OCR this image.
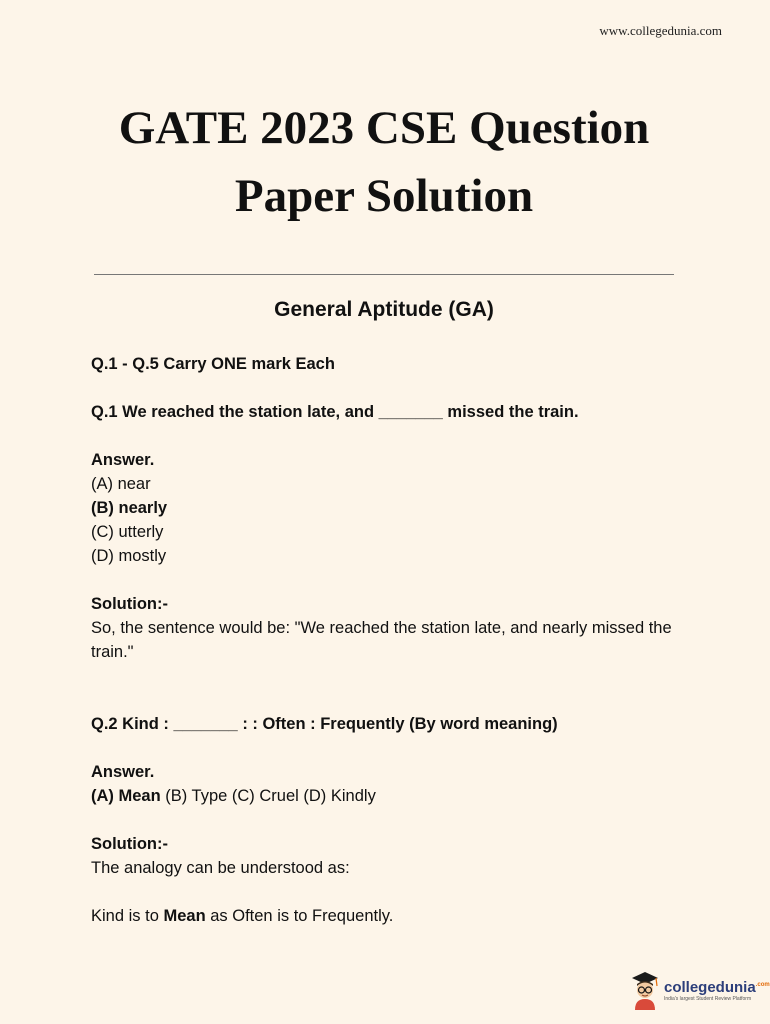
www.collegedunia.com
GATE 2023 CSE Question
Paper Solution
General Aptitude (GA)

Q.1 - Q.5 Carry ONE mark Each

Q.1 We reached the station late, and _______ missed the train.

Answer.

(A) near

(B) nearly

(C) utterly

(D) mostly

Solution:-

So, the sentence would be: "We reached the station late, and nearly missed the train."

Q.2 Kind : _______ : : Often : Frequently (By word meaning)

Answer.

(A) Mean (B) Type (C) Cruel (D) Kindly

Solution:-

The analogy can be understood as:

Kind is to Mean as Often is to Frequently.

collegedunia$^{.com}$
India's largest Student Review Platform
